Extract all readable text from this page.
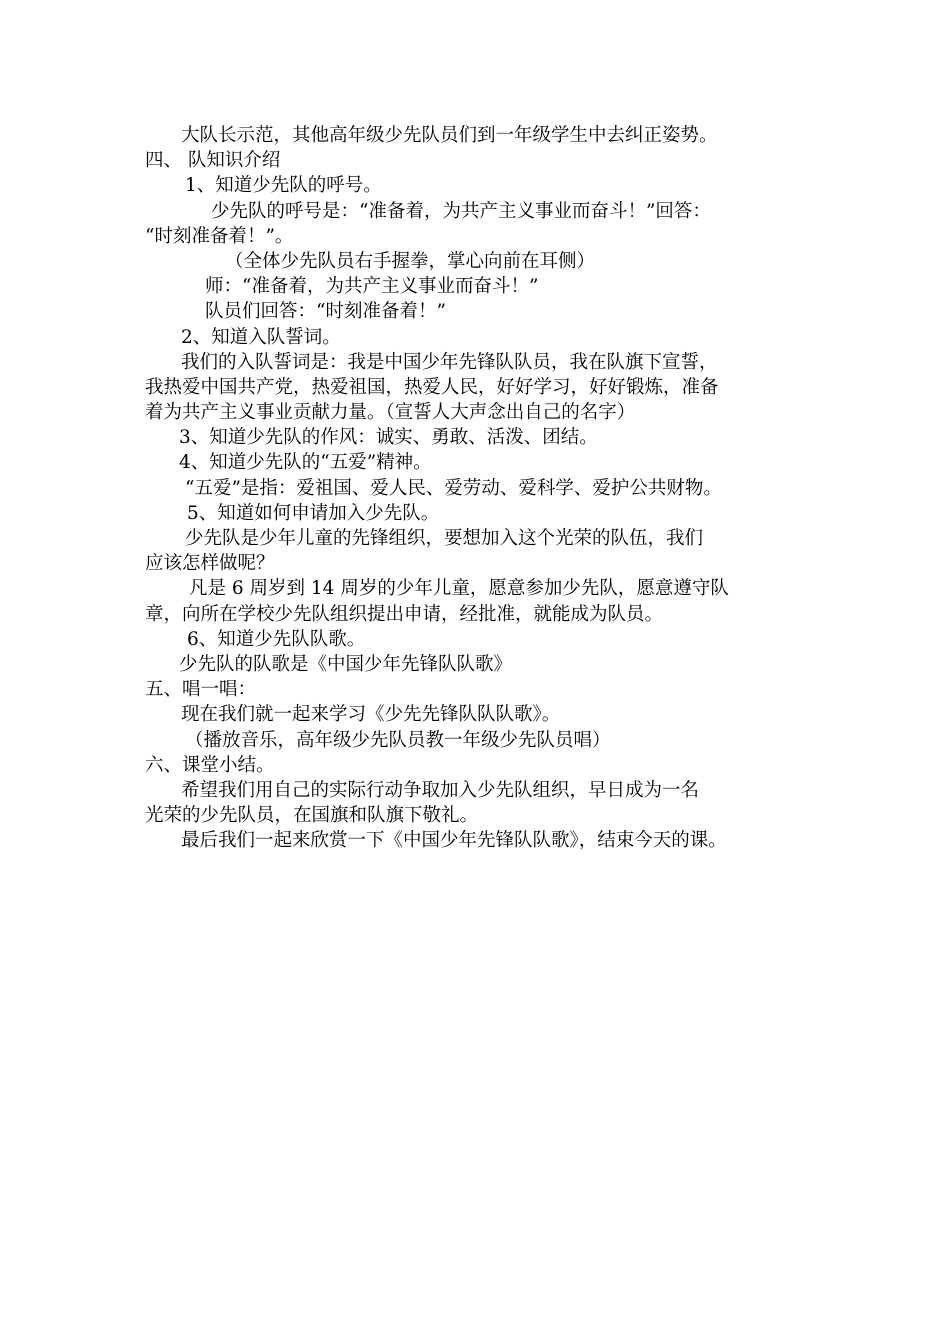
大队长示范，其他高年级少先队员们到一年级学生中去纠正姿势。
四、 队知识介绍
1、知道少先队的呼号。
少先队的呼号是：“准备着，为共产主义事业而奋斗！”回答：
“时刻准备着！”。
（全体少先队员右手握拳，掌心向前在耳侧）
师：“准备着，为共产主义事业而奋斗！”
队员们回答：“时刻准备着！”
2、知道入队誓词。
我们的入队誓词是：我是中国少年先锋队队员，我在队旗下宣誓，
我热爱中国共产党，热爱祖国，热爱人民，好好学习，好好锻炼，准备
着为共产主义事业贡献力量。（宣誓人大声念出自己的名字）
3、知道少先队的作风：诚实、勇敢、活泼、团结。
4、知道少先队的“五爱”精神。
“五爱”是指：爱祖国、爱人民、爱劳动、爱科学、爱护公共财物。
5、知道如何申请加入少先队。
少先队是少年儿童的先锋组织，要想加入这个光荣的队伍，我们
应该怎样做呢？
凡是 6 周岁到 14 周岁的少年儿童，愿意参加少先队，愿意遵守队
章，向所在学校少先队组织提出申请，经批准，就能成为队员。
6、知道少先队队歌。
少先队的队歌是《中国少年先锋队队歌》
五、唱一唱：
现在我们就一起来学习《少先先锋队队队歌》。
（播放音乐，高年级少先队员教一年级少先队员唱）
六、课堂小结。
希望我们用自己的实际行动争取加入少先队组织，早日成为一名
光荣的少先队员，在国旗和队旗下敬礼。
最后我们一起来欣赏一下《中国少年先锋队队歌》，结束今天的课。
